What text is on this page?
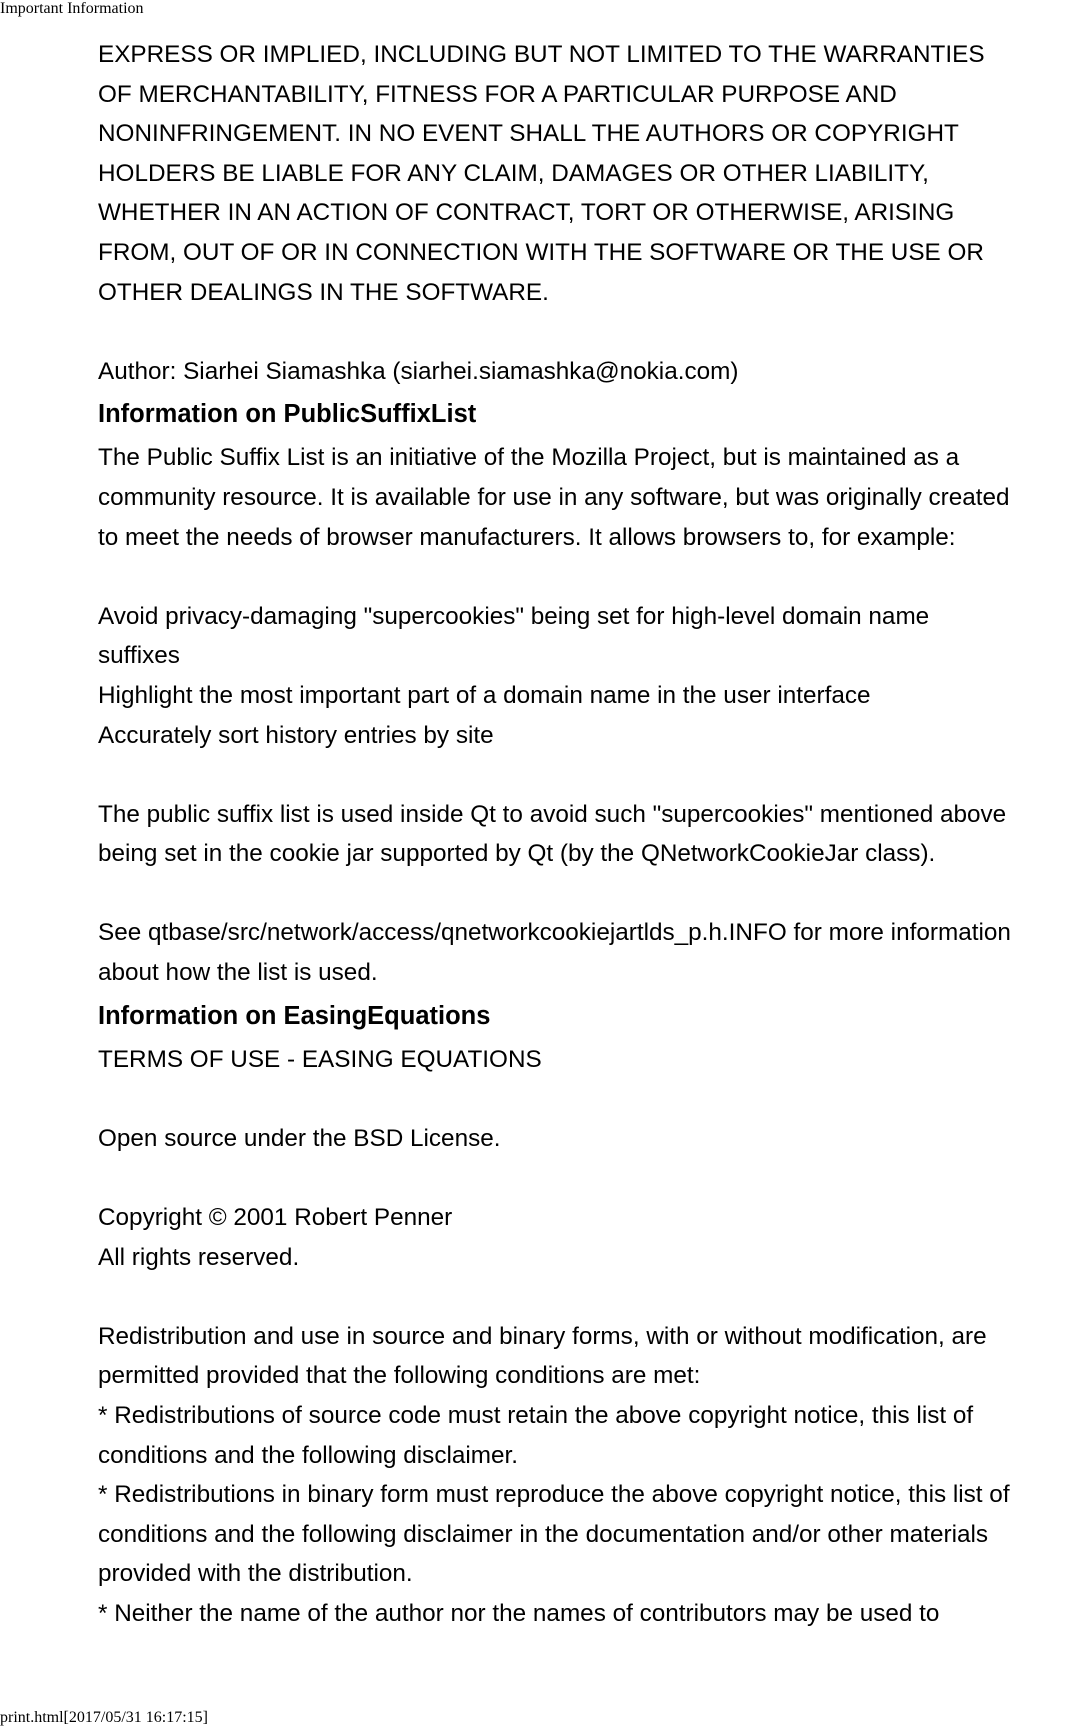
Important Information

EXPRESS OR IMPLIED, INCLUDING BUT NOT LIMITED TO THE WARRANTIES
OF MERCHANTABILITY, FITNESS FOR A PARTICULAR PURPOSE AND
NONINFRINGEMENT. IN NO EVENT SHALL THE AUTHORS OR COPYRIGHT
HOLDERS BE LIABLE FOR ANY CLAIM, DAMAGES OR OTHER LIABILITY,
WHETHER IN AN ACTION OF CONTRACT, TORT OR OTHERWISE, ARISING
FROM, OUT OF OR IN CONNECTION WITH THE SOFTWARE OR THE USE OR
OTHER DEALINGS IN THE SOFTWARE.

Author: Siarhei Siamashka (siarhei.siamashka@nokia.com)

Information on PublicSuffixList

The Public Suffix List is an initiative of the Mozilla Project, but is maintained as a
community resource. It is available for use in any software, but was originally created
to meet the needs of browser manufacturers. It allows browsers to, for example:

Avoid privacy-damaging "supercookies" being set for high-level domain name
suffixes
Highlight the most important part of a domain name in the user interface
Accurately sort history entries by site

The public suffix list is used inside Qt to avoid such "supercookies" mentioned above
being set in the cookie jar supported by Qt (by the QNetworkCookieJar class).

See qtbase/src/network/access/qnetworkcookiejartlds_p.h.INFO for more information
about how the list is used.

Information on EasingEquations

TERMS OF USE - EASING EQUATIONS

Open source under the BSD License.

Copyright © 2001 Robert Penner
All rights reserved.

Redistribution and use in source and binary forms, with or without modification, are
permitted provided that the following conditions are met:
* Redistributions of source code must retain the above copyright notice, this list of
conditions and the following disclaimer.
* Redistributions in binary form must reproduce the above copyright notice, this list of
conditions and the following disclaimer in the documentation and/or other materials
provided with the distribution.
* Neither the name of the author nor the names of contributors may be used to

print.html[2017/05/31 16:17:15]
